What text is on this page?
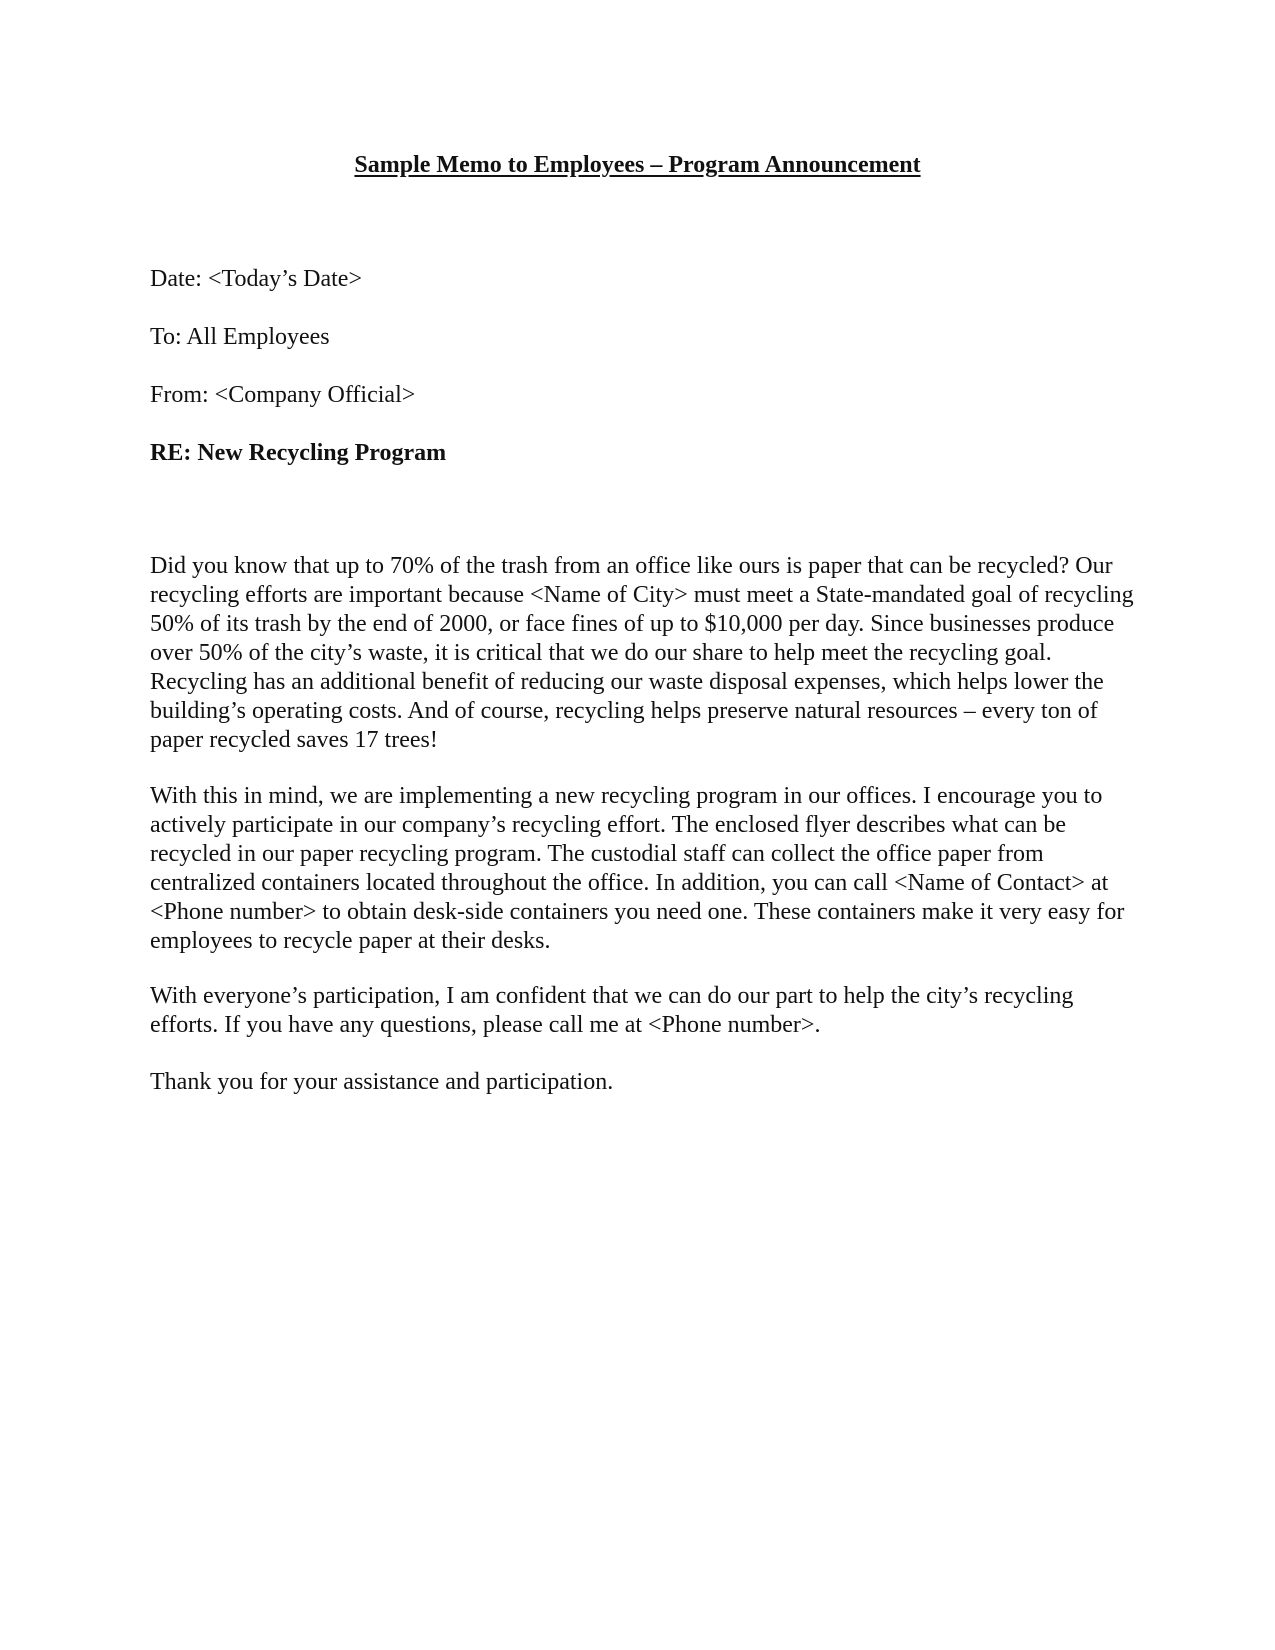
Sample Memo to Employees – Program Announcement

Date: <Today’s Date>

To: All Employees

From: <Company Official>

RE: New Recycling Program

Did you know that up to 70% of the trash from an office like ours is paper that can be recycled? Our recycling efforts are important because <Name of City> must meet a State-mandated goal of recycling 50% of its trash by the end of 2000, or face fines of up to $10,000 per day. Since businesses produce over 50% of the city’s waste, it is critical that we do our share to help meet the recycling goal. Recycling has an additional benefit of reducing our waste disposal expenses, which helps lower the building’s operating costs. And of course, recycling helps preserve natural resources – every ton of paper recycled saves 17 trees!

With this in mind, we are implementing a new recycling program in our offices. I encourage you to actively participate in our company’s recycling effort. The enclosed flyer describes what can be recycled in our paper recycling program. The custodial staff can collect the office paper from centralized containers located throughout the office. In addition, you can call <Name of Contact> at <Phone number> to obtain desk-side containers you need one. These containers make it very easy for employees to recycle paper at their desks.

With everyone’s participation, I am confident that we can do our part to help the city’s recycling efforts. If you have any questions, please call me at <Phone number>.

Thank you for your assistance and participation.
